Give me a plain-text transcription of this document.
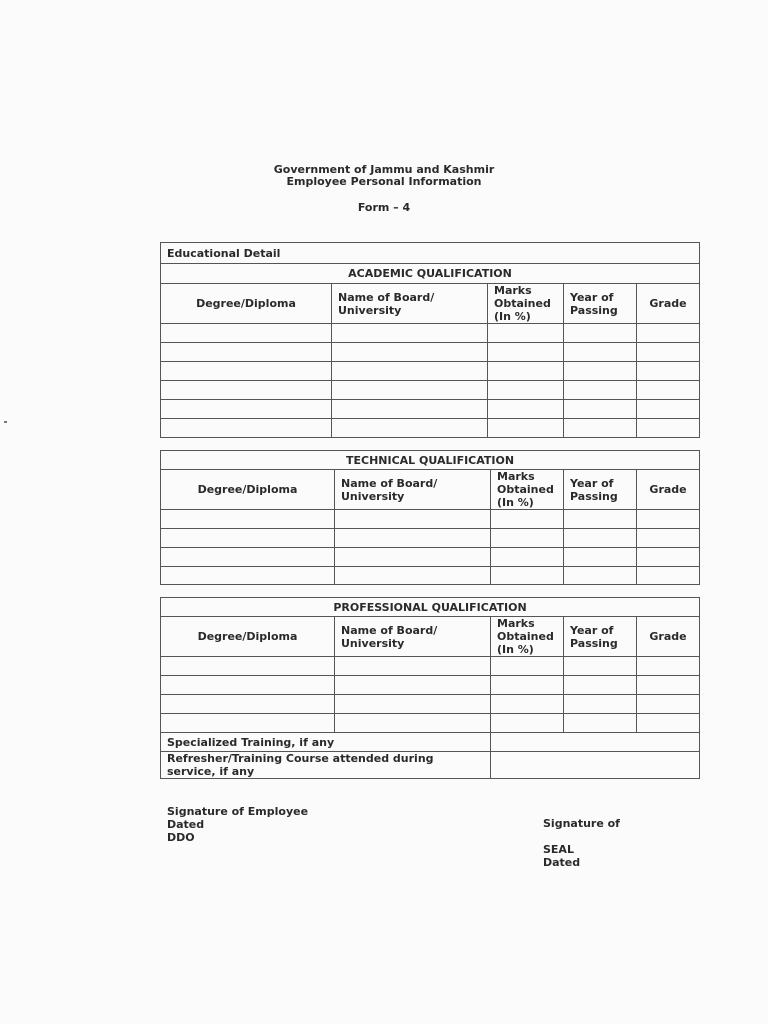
Government of Jammu and Kashmir
Employee Personal Information
Form – 4
Educational Detail				
ACADEMIC QUALIFICATION				
Degree/Diploma	Name of Board/ University	Marks Obtained (In %)	Year of Passing	Grade

TECHNICAL QUALIFICATION				
Degree/Diploma	Name of Board/ University	Marks Obtained (In %)	Year of Passing	Grade

PROFESSIONAL QUALIFICATION				
Degree/Diploma	Name of Board/ University	Marks Obtained (In %)	Year of Passing	Grade

Specialized Training, if any				
Refresher/Training Course attended during service, if any				
Signature of Employee
Dated
DDO
Signature of
SEAL
Dated
